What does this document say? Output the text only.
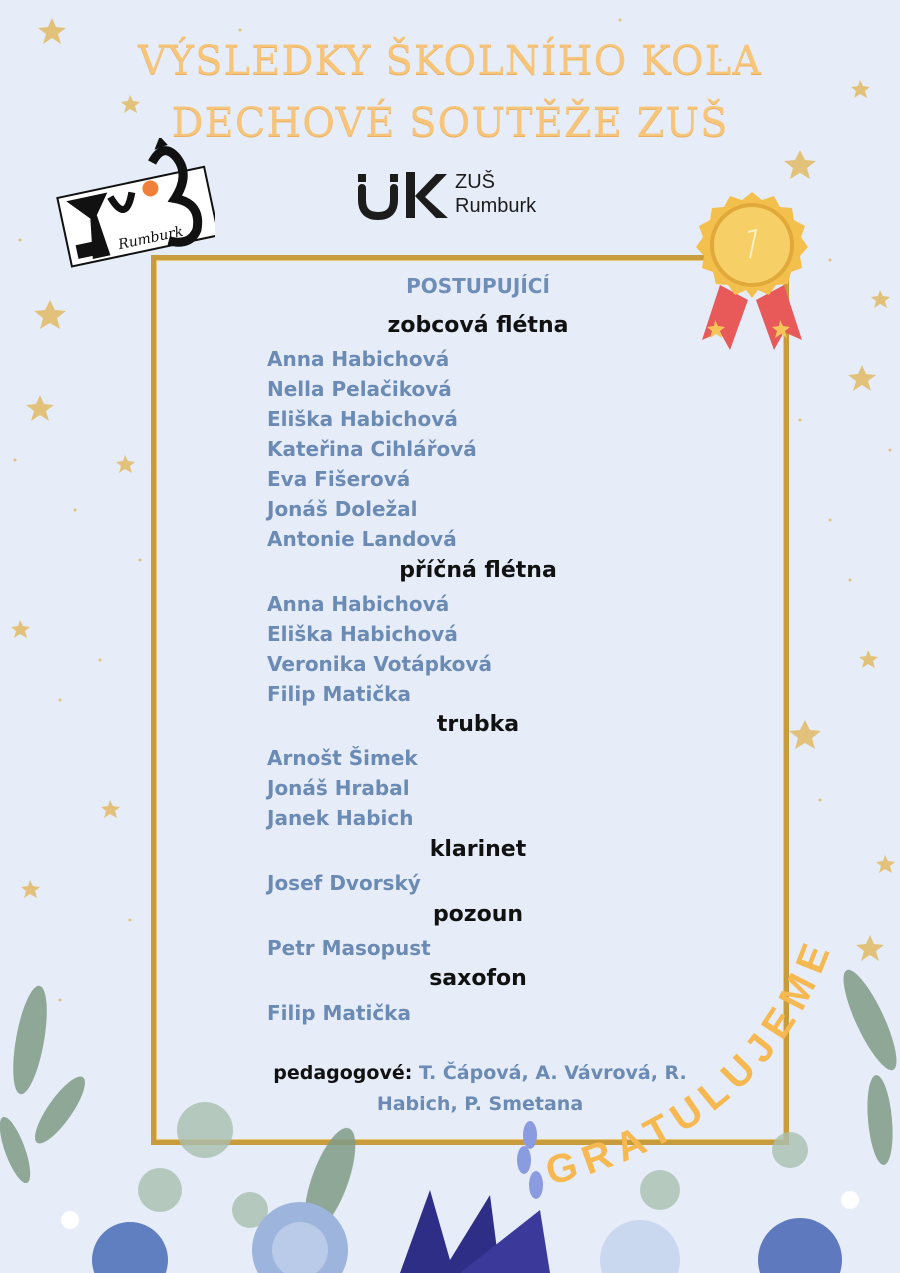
VÝSLEDKY ŠKOLNÍHO KOLA
DECHOVÉ SOUTĚŽE ZUŠ
Rumburk
ZUŠ
Rumburk
POSTUPUJÍCÍ
zobcová flétna
Anna Habichová
Nella Pelačiková
Eliška Habichová
Kateřina Cihlářová
Eva Fišerová
Jonáš Doležal
Antonie Landová
příčná flétna
Anna Habichová
Eliška Habichová
Veronika Votápková
Filip Matička
trubka
Arnošt Šimek
Jonáš Hrabal
Janek Habich
klarinet
Josef Dvorský
pozoun
Petr Masopust
saxofon
Filip Matička
pedagogové: T. Čápová, A. Vávrová, R.
Habich, P. Smetana
GRATULUJEME
